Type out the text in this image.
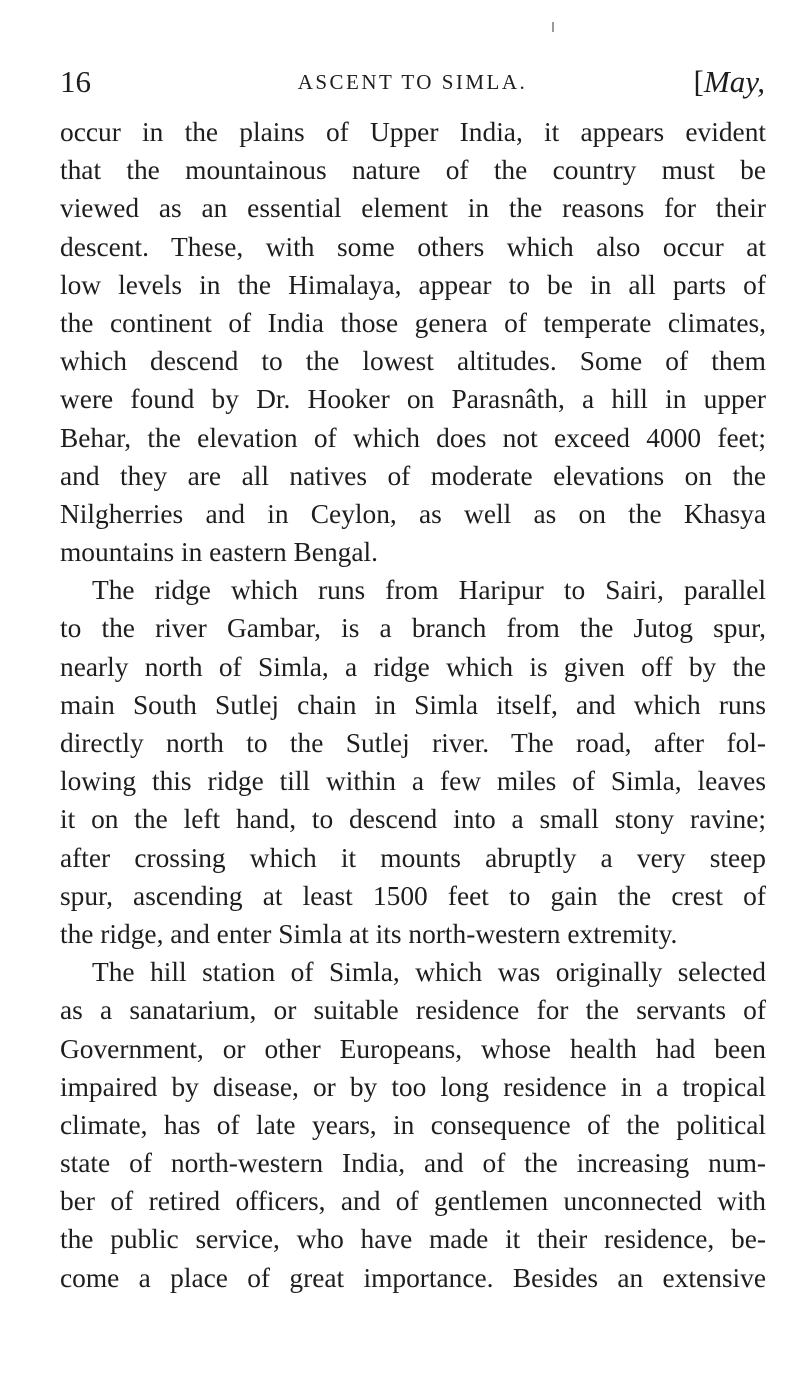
16	ASCENT TO SIMLA.	[May,
occur in the plains of Upper India, it appears evident
that the mountainous nature of the country must be
viewed as an essential element in the reasons for their
descent. These, with some others which also occur at
low levels in the Himalaya, appear to be in all parts of
the continent of India those genera of temperate climates,
which descend to the lowest altitudes. Some of them
were found by Dr. Hooker on Parasnâth, a hill in upper
Behar, the elevation of which does not exceed 4000 feet;
and they are all natives of moderate elevations on the
Nilgherries and in Ceylon, as well as on the Khasya
mountains in eastern Bengal.
The ridge which runs from Haripur to Sairi, parallel
to the river Gambar, is a branch from the Jutog spur,
nearly north of Simla, a ridge which is given off by the
main South Sutlej chain in Simla itself, and which runs
directly north to the Sutlej river. The road, after fol-
lowing this ridge till within a few miles of Simla, leaves
it on the left hand, to descend into a small stony ravine;
after crossing which it mounts abruptly a very steep
spur, ascending at least 1500 feet to gain the crest of
the ridge, and enter Simla at its north-western extremity.
The hill station of Simla, which was originally selected
as a sanatarium, or suitable residence for the servants of
Government, or other Europeans, whose health had been
impaired by disease, or by too long residence in a tropical
climate, has of late years, in consequence of the political
state of north-western India, and of the increasing num-
ber of retired officers, and of gentlemen unconnected with
the public service, who have made it their residence, be-
come a place of great importance. Besides an extensive
